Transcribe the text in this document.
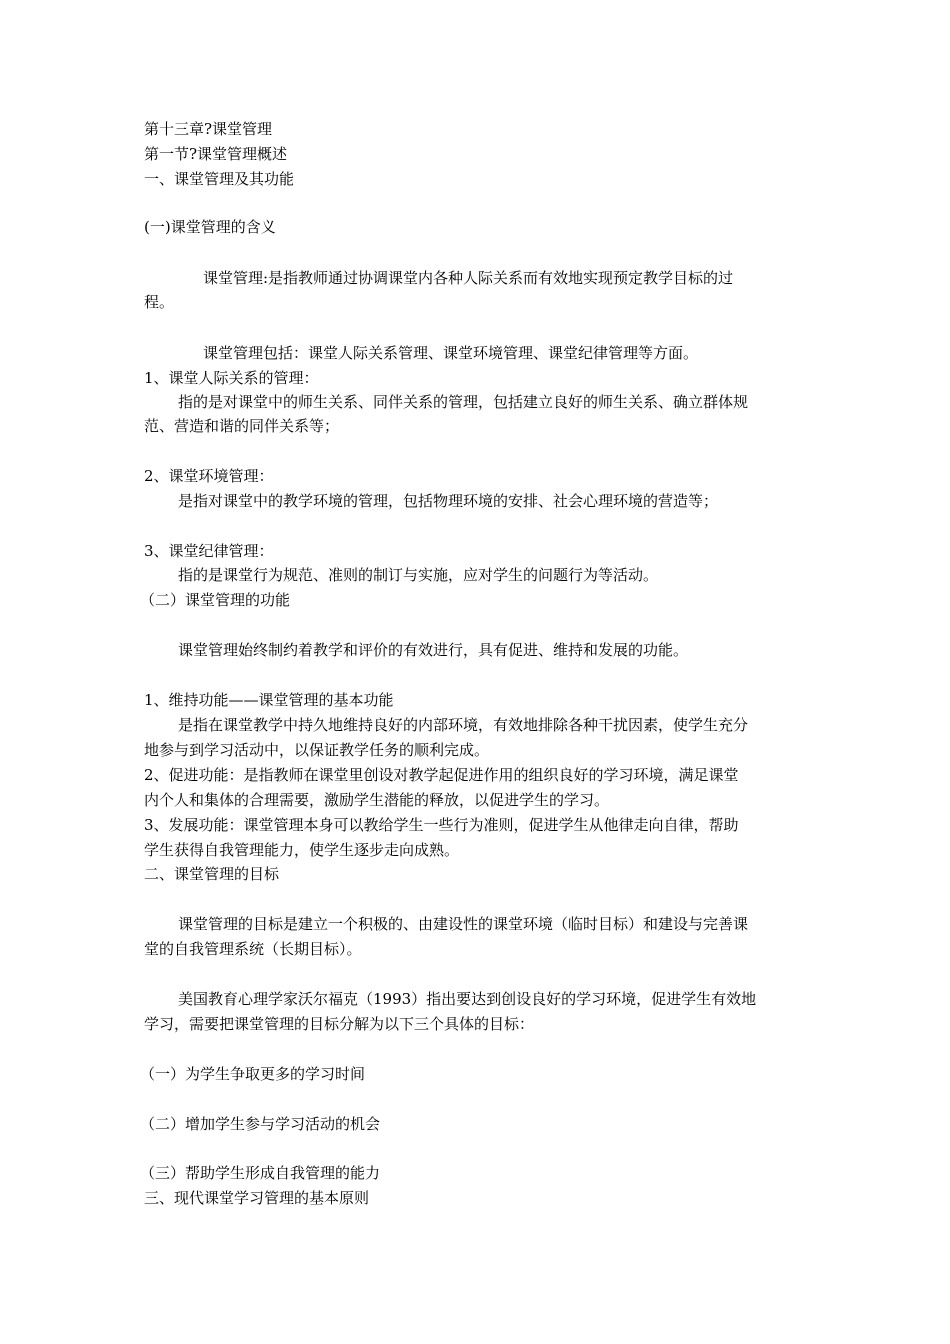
第十三章?课堂管理
第一节?课堂管理概述
一、课堂管理及其功能
(一)课堂管理的含义
课堂管理:是指教师通过协调课堂内各种人际关系而有效地实现预定教学目标的过
程。
课堂管理包括：课堂人际关系管理、课堂环境管理、课堂纪律管理等方面。
1、课堂人际关系的管理：
指的是对课堂中的师生关系、同伴关系的管理，包括建立良好的师生关系、确立群体规
范、营造和谐的同伴关系等；
2、课堂环境管理：
是指对课堂中的教学环境的管理，包括物理环境的安排、社会心理环境的营造等；
3、课堂纪律管理：
指的是课堂行为规范、准则的制订与实施，应对学生的问题行为等活动。
（二）课堂管理的功能
课堂管理始终制约着教学和评价的有效进行，具有促进、维持和发展的功能。
1、维持功能——课堂管理的基本功能
是指在课堂教学中持久地维持良好的内部环境，有效地排除各种干扰因素，使学生充分
地参与到学习活动中，以保证教学任务的顺利完成。
2、促进功能：是指教师在课堂里创设对教学起促进作用的组织良好的学习环境，满足课堂
内个人和集体的合理需要，激励学生潜能的释放，以促进学生的学习。
3、发展功能：课堂管理本身可以教给学生一些行为准则，促进学生从他律走向自律，帮助
学生获得自我管理能力，使学生逐步走向成熟。
二、课堂管理的目标
课堂管理的目标是建立一个积极的、由建设性的课堂环境（临时目标）和建设与完善课
堂的自我管理系统（长期目标）。
美国教育心理学家沃尔福克（1993）指出要达到创设良好的学习环境，促进学生有效地
学习，需要把课堂管理的目标分解为以下三个具体的目标：
（一）为学生争取更多的学习时间
（二）增加学生参与学习活动的机会
（三）帮助学生形成自我管理的能力
三、现代课堂学习管理的基本原则
